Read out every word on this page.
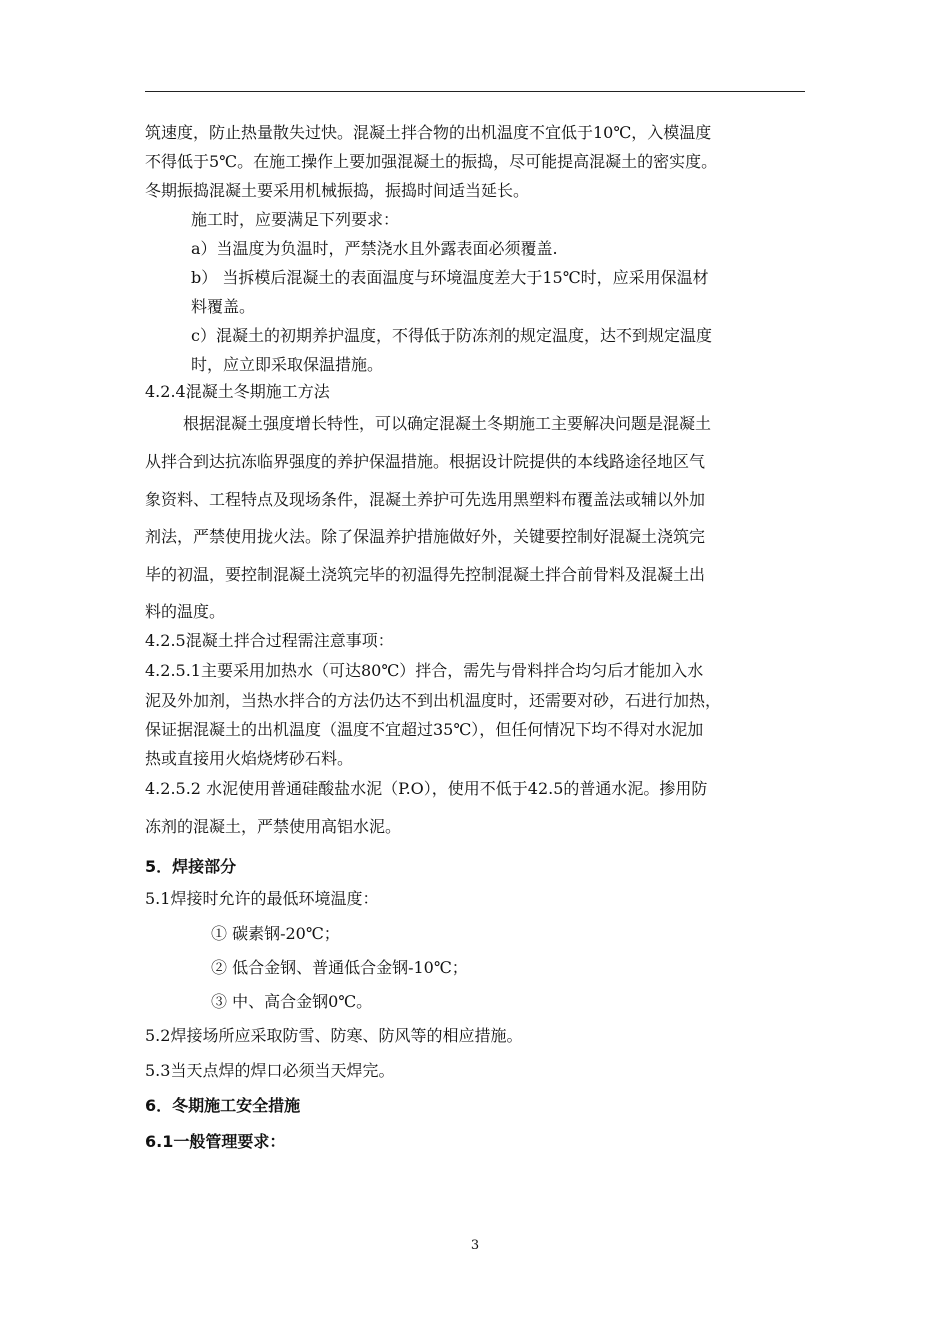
筑速度，防止热量散失过快。混凝土拌合物的出机温度不宜低于10℃，入模温度
不得低于5℃。在施工操作上要加强混凝土的振捣，尽可能提高混凝土的密实度。
冬期振捣混凝土要采用机械振捣，振捣时间适当延长。
施工时，应要满足下列要求：
a）当温度为负温时，严禁浇水且外露表面必须覆盖.
b） 当拆模后混凝土的表面温度与环境温度差大于15℃时，应采用保温材
料覆盖。
c）混凝土的初期养护温度，不得低于防冻剂的规定温度，达不到规定温度
时，应立即采取保温措施。
4.2.4混凝土冬期施工方法
根据混凝土强度增长特性，可以确定混凝土冬期施工主要解决问题是混凝土
从拌合到达抗冻临界强度的养护保温措施。根据设计院提供的本线路途径地区气
象资料、工程特点及现场条件，混凝土养护可先选用黑塑料布覆盖法或辅以外加
剂法，严禁使用拢火法。除了保温养护措施做好外，关键要控制好混凝土浇筑完
毕的初温，要控制混凝土浇筑完毕的初温得先控制混凝土拌合前骨料及混凝土出
料的温度。
4.2.5混凝土拌合过程需注意事项：
4.2.5.1主要采用加热水（可达80℃）拌合，需先与骨料拌合均匀后才能加入水
泥及外加剂，当热水拌合的方法仍达不到出机温度时，还需要对砂，石进行加热，
保证据混凝土的出机温度（温度不宜超过35℃），但任何情况下均不得对水泥加
热或直接用火焰烧烤砂石料。
4.2.5.2 水泥使用普通硅酸盐水泥（P.O），使用不低于42.5的普通水泥。掺用防
冻剂的混凝土，严禁使用高铝水泥。
5．焊接部分
5.1焊接时允许的最低环境温度：
① 碳素钢-20℃；
② 低合金钢、普通低合金钢-10℃；
③ 中、高合金钢0℃。
5.2焊接场所应采取防雪、防寒、防风等的相应措施。
5.3当天点焊的焊口必须当天焊完。
6．冬期施工安全措施
6.1一般管理要求：
3
